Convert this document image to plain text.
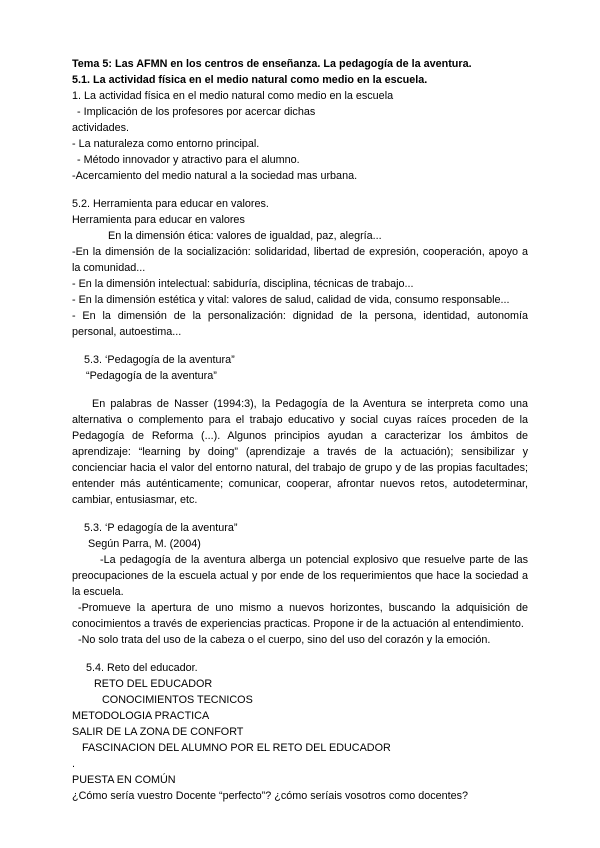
Tema 5: Las AFMN en los centros de enseñanza. La pedagogía de la aventura.

5.1. La actividad física en el medio natural como medio en la escuela.

1. La actividad física en el medio natural como medio en la escuela

- Implicación de los profesores por acercar dichas

actividades.

- La naturaleza como entorno principal.

- Método innovador y atractivo para el alumno.

-Acercamiento del medio natural a la sociedad mas urbana.

5.2. Herramienta para educar en valores.

Herramienta para educar en valores

En la dimensión ética: valores de igualdad, paz, alegría...

-En la dimensión de la socialización: solidaridad, libertad de expresión, cooperación, apoyo a la comunidad...

- En la dimensión intelectual: sabiduría, disciplina, técnicas de trabajo...

- En la dimensión estética y vital: valores de salud, calidad de vida, consumo responsable...

- En la dimensión de la personalización: dignidad de la persona, identidad, autonomía personal, autoestima...

5.3. ‘Pedagogía de la aventura”

“Pedagogía de la aventura”

En palabras de Nasser (1994:3), la Pedagogía de la Aventura se interpreta como una alternativa o complemento para el trabajo educativo y social cuyas raíces proceden de la Pedagogía de Reforma (...). Algunos principios ayudan a caracterizar los ámbitos de aprendizaje: “learning by doing” (aprendizaje a través de la actuación); sensibilizar y concienciar hacia el valor del entorno natural, del trabajo de grupo y de las propias facultades; entender más auténticamente; comunicar, cooperar, afrontar nuevos retos, autodeterminar, cambiar, entusiasmar, etc.

5.3. ‘P edagogía de la aventura”

Según Parra, M. (2004)

-La pedagogía de la aventura alberga un potencial explosivo que resuelve parte de las preocupaciones de la escuela actual y por ende de los requerimientos que hace la sociedad a la escuela.

-Promueve la apertura de uno mismo a nuevos horizontes, buscando la adquisición de conocimientos a través de experiencias practicas. Propone ir de la actuación al entendimiento.

-No solo trata del uso de la cabeza o el cuerpo, sino del uso del corazón y la emoción.

5.4. Reto del educador.

RETO DEL EDUCADOR

CONOCIMIENTOS TECNICOS

METODOLOGIA PRACTICA

SALIR DE LA ZONA DE CONFORT

FASCINACION DEL ALUMNO POR EL RETO DEL EDUCADOR

.

PUESTA EN COMÚN

¿Cómo sería vuestro Docente “perfecto”? ¿cómo seríais vosotros como docentes?
